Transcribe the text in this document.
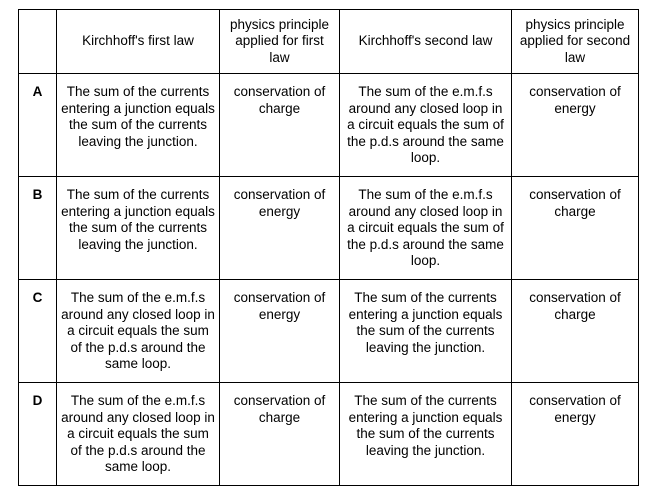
	Kirchhoff's first law	physics principle applied for first law	Kirchhoff's second law	physics principle applied for second law
A	The sum of the currents entering a junction equals the sum of the currents leaving the junction.	conservation of charge	The sum of the e.m.f.s around any closed loop in a circuit equals the sum of the p.d.s around the same loop.	conservation of energy
B	The sum of the currents entering a junction equals the sum of the currents leaving the junction.	conservation of energy	The sum of the e.m.f.s around any closed loop in a circuit equals the sum of the p.d.s around the same loop.	conservation of charge
C	The sum of the e.m.f.s around any closed loop in a circuit equals the sum of the p.d.s around the same loop.	conservation of energy	The sum of the currents entering a junction equals the sum of the currents leaving the junction.	conservation of charge
D	The sum of the e.m.f.s around any closed loop in a circuit equals the sum of the p.d.s around the same loop.	conservation of charge	The sum of the currents entering a junction equals the sum of the currents leaving the junction.	conservation of energy
